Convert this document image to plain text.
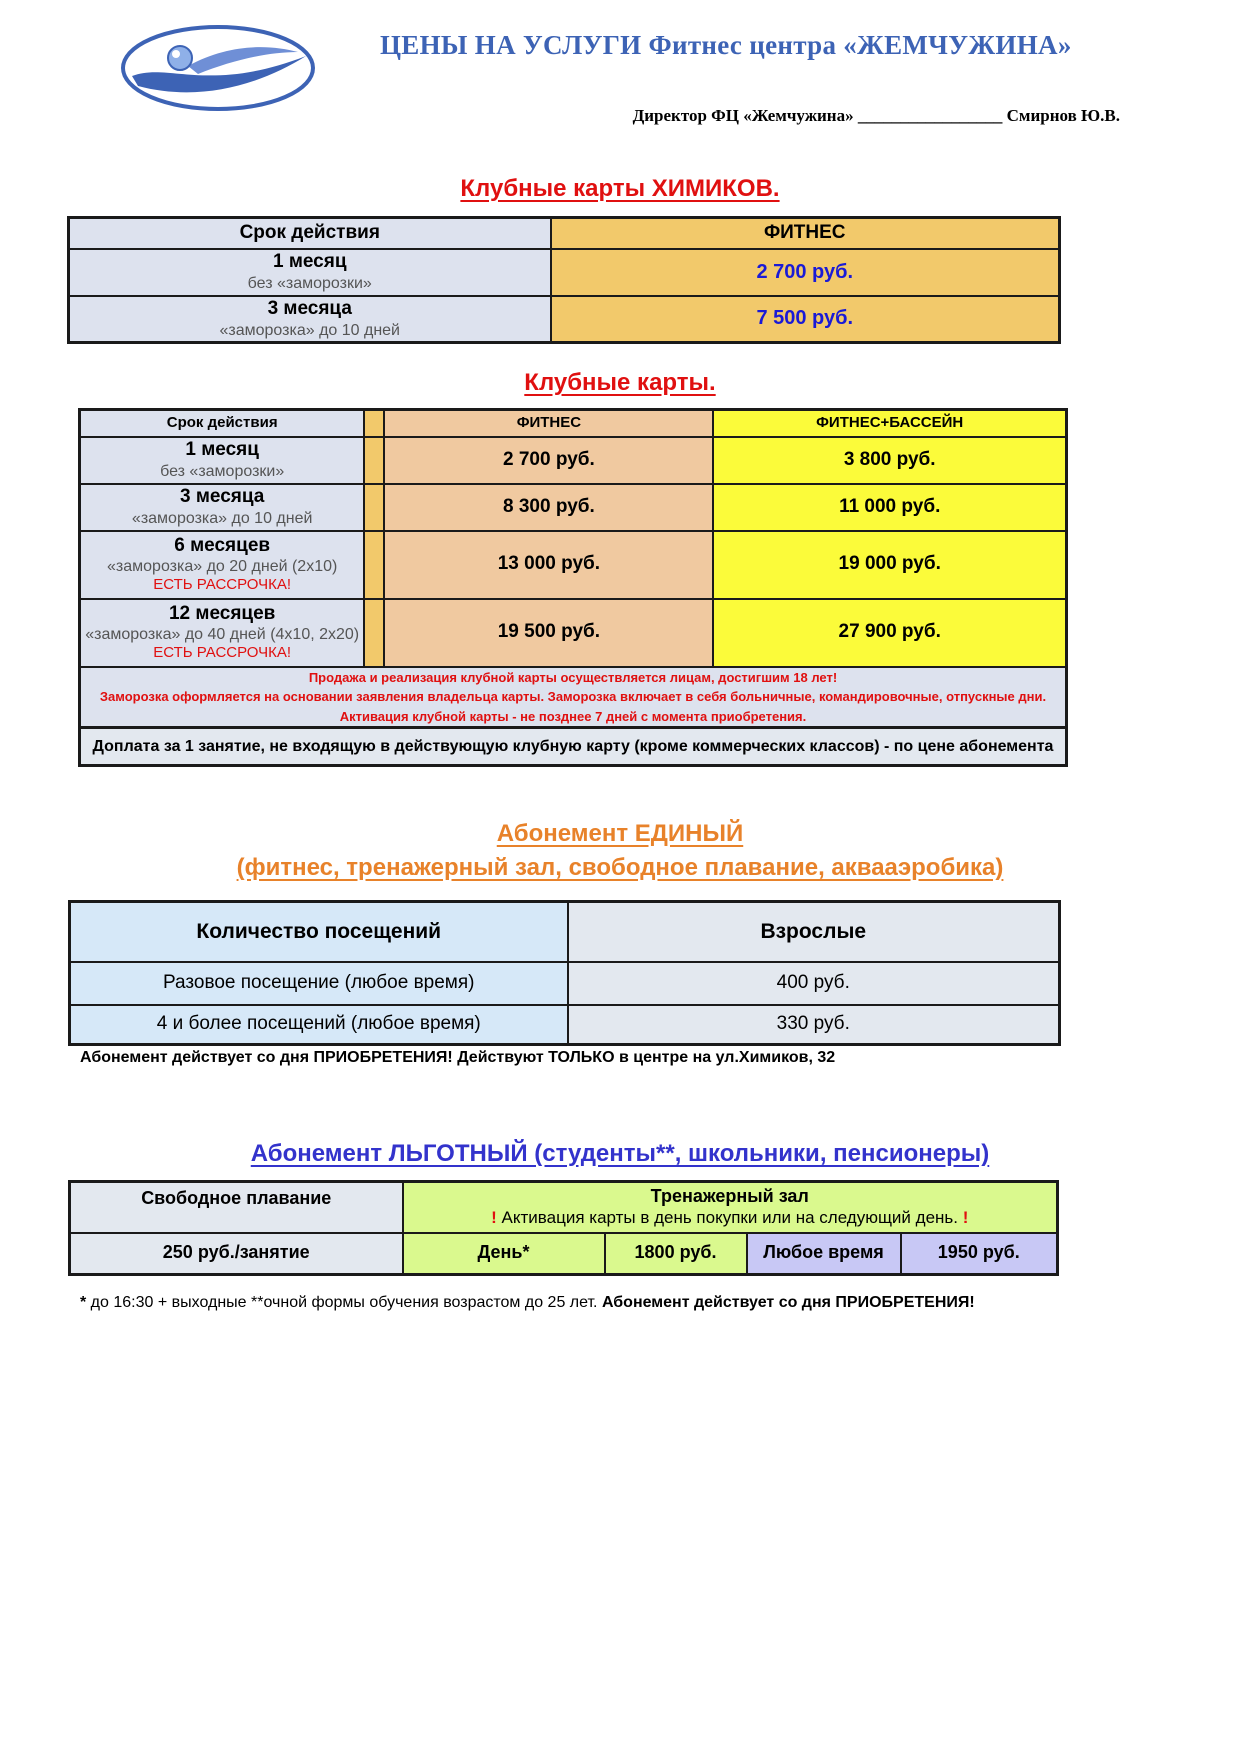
ЦЕНЫ НА УСЛУГИ Фитнес центра «ЖЕМЧУЖИНА»
Директор ФЦ «Жемчужина» _________________ Смирнов Ю.В.
Клубные карты ХИМИКОВ.
Срок действия	ФИТНЕС

1 месяц
без «заморозки»	2 700 руб.

3 месяца
«заморозка» до 10 дней	7 500 руб.
Клубные карты.
Срок действия		ФИТНЕС	ФИТНЕС+БАССЕЙН

1 месяц
без «заморозки»		2 700 руб.	3 800 руб.

3 месяца
«заморозка» до 10 дней		8 300 руб.	11 000 руб.

6 месяцев
«заморозка» до 20 дней (2х10)
ЕСТЬ РАССРОЧКА!		13 000 руб.	19 000 руб.

12 месяцев
«заморозка» до 40 дней (4х10, 2х20)
ЕСТЬ РАССРОЧКА!		19 500 руб.	27 900 руб.

Продажа и реализация клубной карты осуществляется лицам, достигшим 18 лет!
Заморозка оформляется на основании заявления владельца карты. Заморозка включает в себя больничные, командировочные, отпускные дни.
Активация клубной карты - не позднее 7 дней с момента приобретения.			

Доплата за 1 занятие, не входящую в действующую клубную карту (кроме коммерческих классов) - по цене абонемента			
Абонемент ЕДИНЫЙ
(фитнес, тренажерный зал, свободное плавание, аквааэробика)
Количество посещений	Взрослые
Разовое посещение (любое время)	400 руб.
4 и более посещений (любое время)	330 руб.
Абонемент действует со дня ПРИОБРЕТЕНИЯ! Действуют ТОЛЬКО в центре на ул.Химиков, 32
Абонемент ЛЬГОТНЫЙ (студенты**, школьники, пенсионеры)
Свободное плавание	Тренажерный зал
! Активация карты в день покупки или на следующий день. !			

250 руб./занятие	День*	1800 руб.	Любое время	1950 руб.
* до 16:30 + выходные **очной формы обучения возрастом до 25 лет. Абонемент действует со дня ПРИОБРЕТЕНИЯ!
